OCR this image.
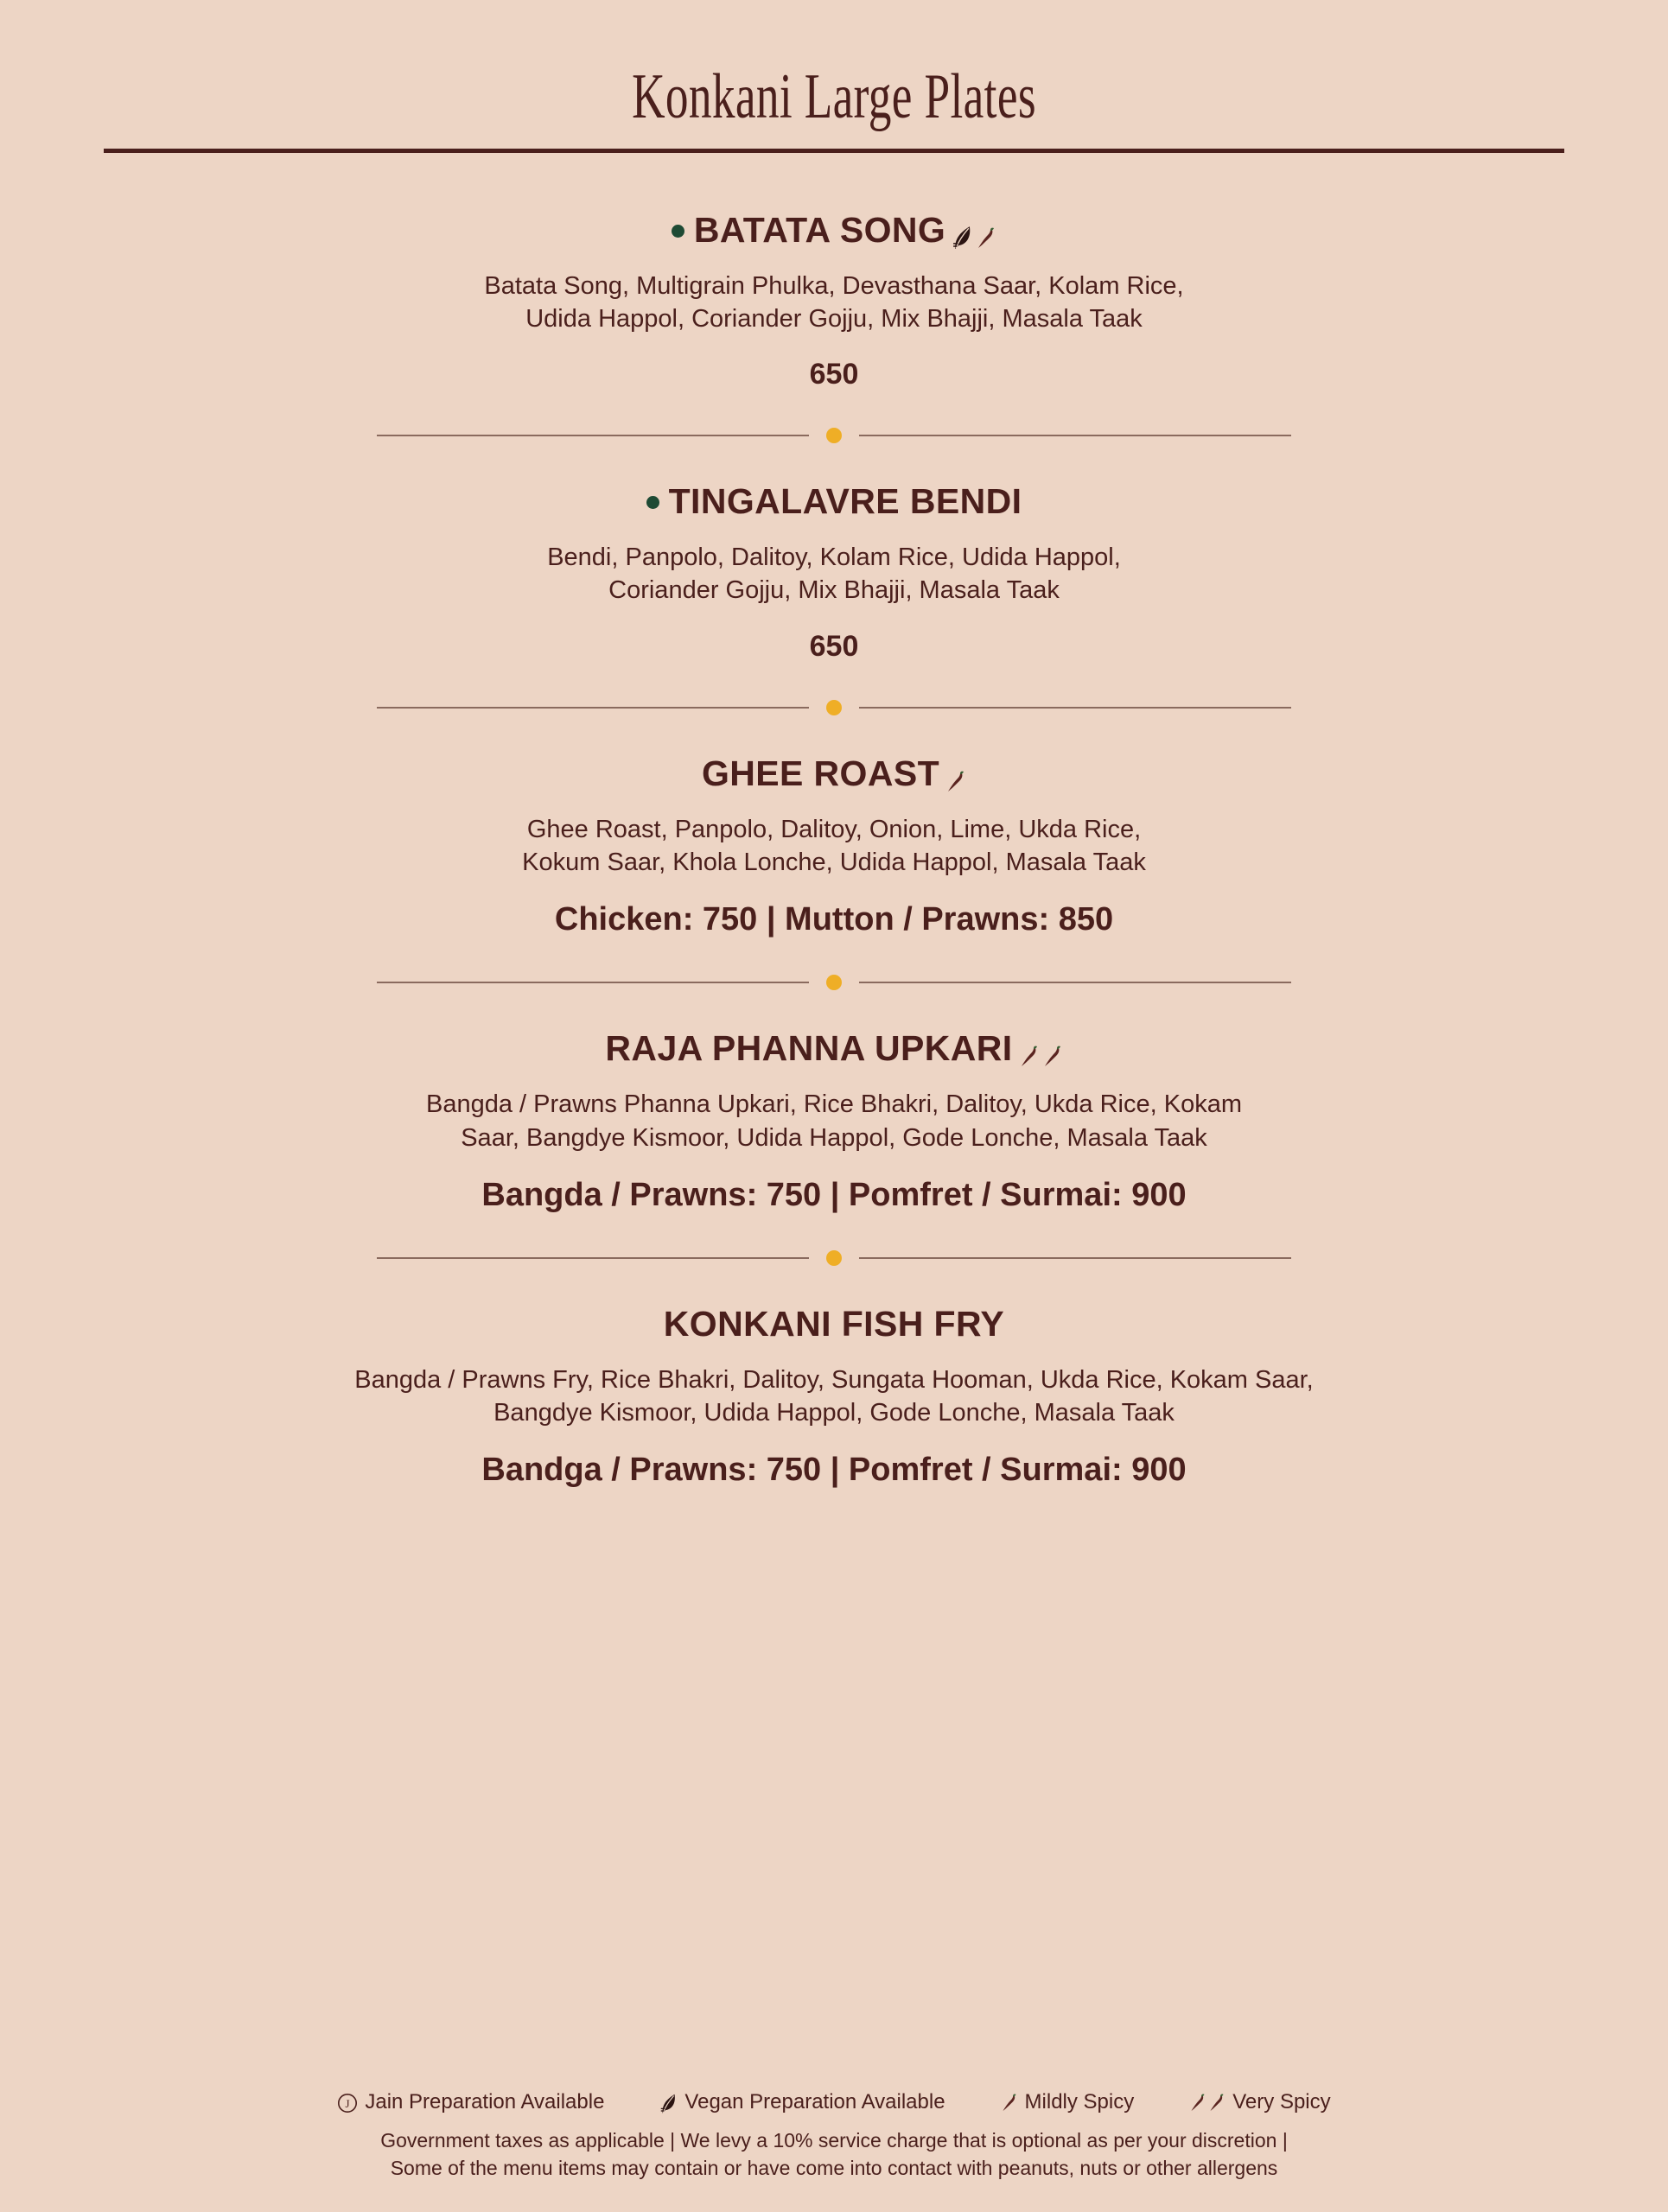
Konkani Large Plates
BATATA SONG
Batata Song, Multigrain Phulka, Devasthana Saar, Kolam Rice,
Udida Happol, Coriander Gojju, Mix Bhajji, Masala Taak
650
TINGALAVRE BENDI
Bendi, Panpolo, Dalitoy, Kolam Rice, Udida Happol,
Coriander Gojju, Mix Bhajji, Masala Taak
650
GHEE ROAST
Ghee Roast, Panpolo, Dalitoy, Onion, Lime, Ukda Rice,
Kokum Saar, Khola Lonche, Udida Happol, Masala Taak
Chicken: 750 | Mutton / Prawns: 850
RAJA PHANNA UPKARI
Bangda / Prawns Phanna Upkari, Rice Bhakri, Dalitoy, Ukda Rice, Kokam
Saar, Bangdye Kismoor, Udida Happol, Gode Lonche, Masala Taak
Bangda / Prawns: 750 | Pomfret / Surmai: 900
KONKANI FISH FRY
Bangda / Prawns Fry, Rice Bhakri, Dalitoy, Sungata Hooman, Ukda Rice, Kokam Saar,
Bangdye Kismoor, Udida Happol, Gode Lonche, Masala Taak
Bandga / Prawns: 750 | Pomfret / Surmai: 900
J Jain Preparation Available	Vegan Preparation Available	Mildly Spicy	Very Spicy
Government taxes as applicable | We levy a 10% service charge that is optional as per your discretion |
Some of the menu items may contain or have come into contact with peanuts, nuts or other allergens
